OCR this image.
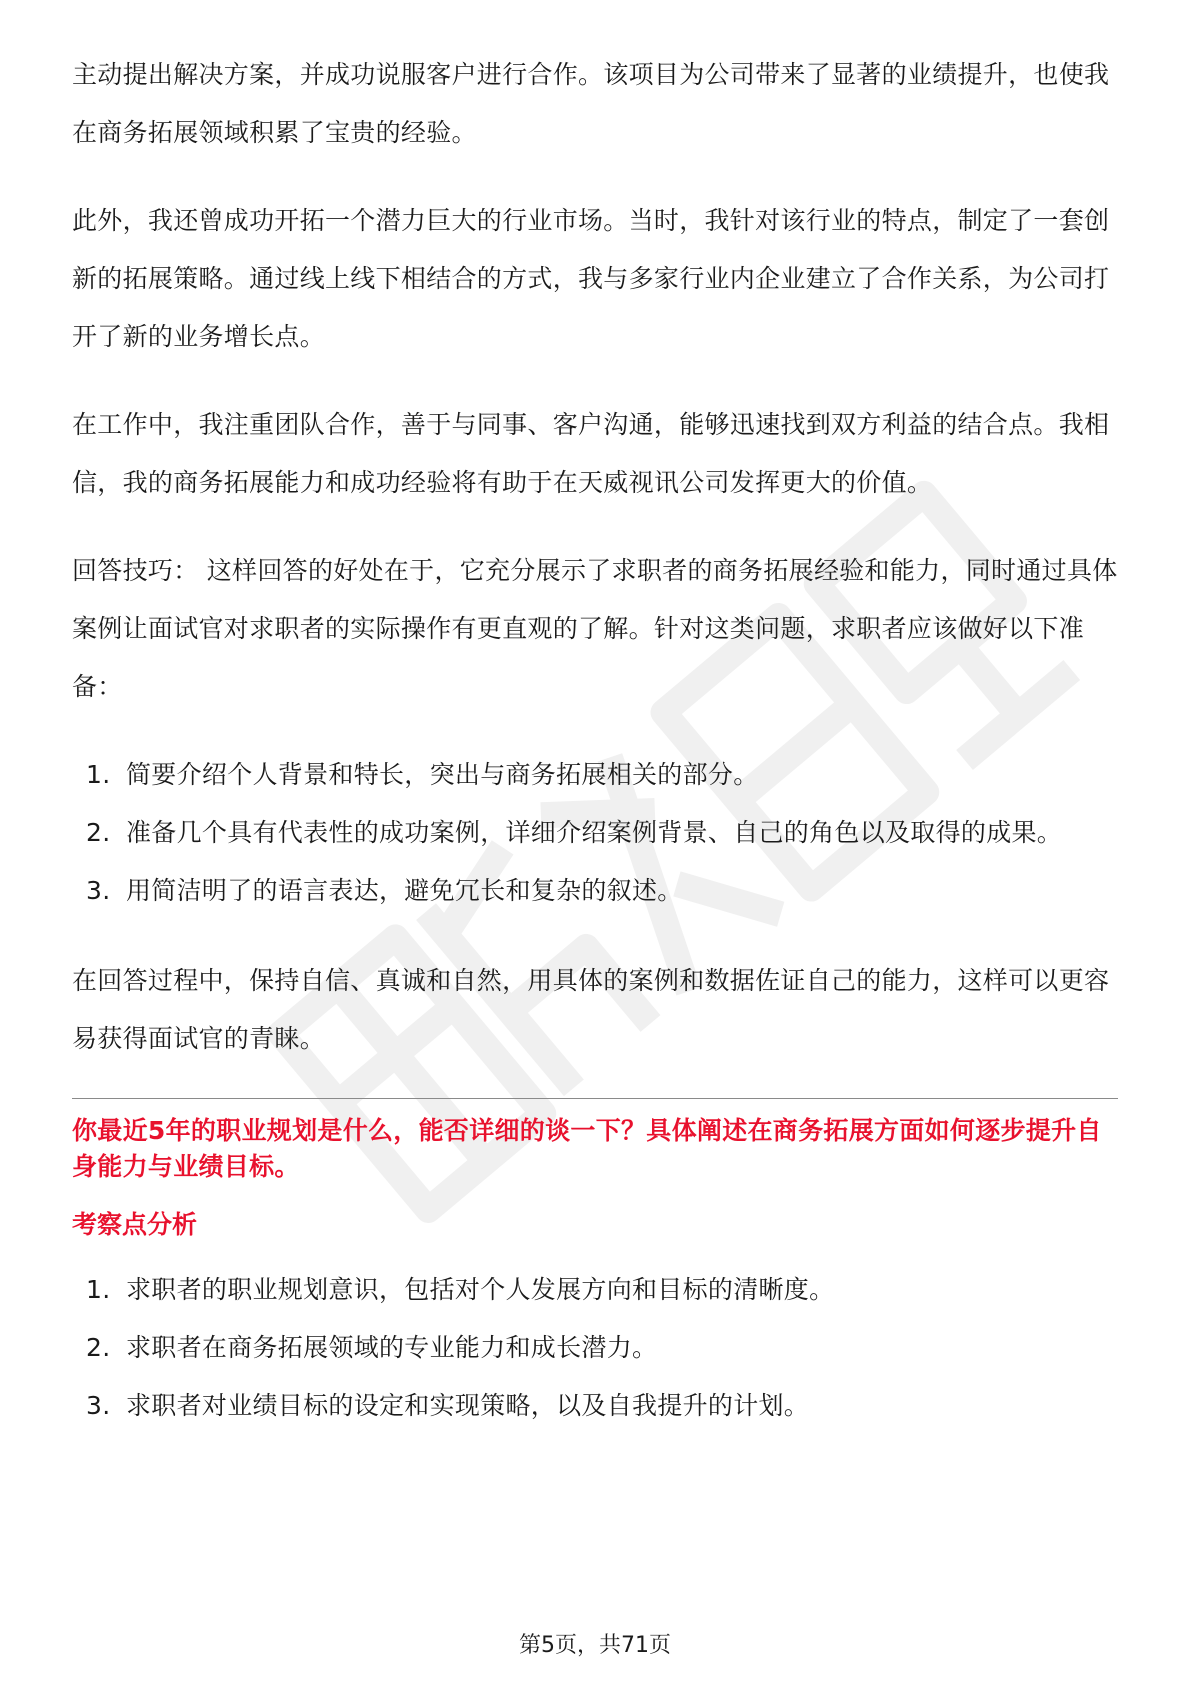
主动提出解决方案，并成功说服客户进行合作。该项目为公司带来了显著的业绩提升，也使我在商务拓展领域积累了宝贵的经验。

此外，我还曾成功开拓一个潜力巨大的行业市场。当时，我针对该行业的特点，制定了一套创新的拓展策略。通过线上线下相结合的方式，我与多家行业内企业建立了合作关系，为公司打开了新的业务增长点。

在工作中，我注重团队合作，善于与同事、客户沟通，能够迅速找到双方利益的结合点。我相信，我的商务拓展能力和成功经验将有助于在天威视讯公司发挥更大的价值。

回答技巧： 这样回答的好处在于，它充分展示了求职者的商务拓展经验和能力，同时通过具体案例让面试官对求职者的实际操作有更直观的了解。针对这类问题，求职者应该做好以下准备：

1. 简要介绍个人背景和特长，突出与商务拓展相关的部分。
2. 准备几个具有代表性的成功案例，详细介绍案例背景、自己的角色以及取得的成果。
3. 用简洁明了的语言表达，避免冗长和复杂的叙述。

在回答过程中，保持自信、真诚和自然，用具体的案例和数据佐证自己的能力，这样可以更容易获得面试官的青睐。

你最近5年的职业规划是什么，能否详细的谈一下？具体阐述在商务拓展方面如何逐步提升自身能力与业绩目标。
考察点分析
1. 求职者的职业规划意识，包括对个人发展方向和目标的清晰度。
2. 求职者在商务拓展领域的专业能力和成长潜力。
3. 求职者对业绩目标的设定和实现策略，以及自我提升的计划。
第5页，共71页
